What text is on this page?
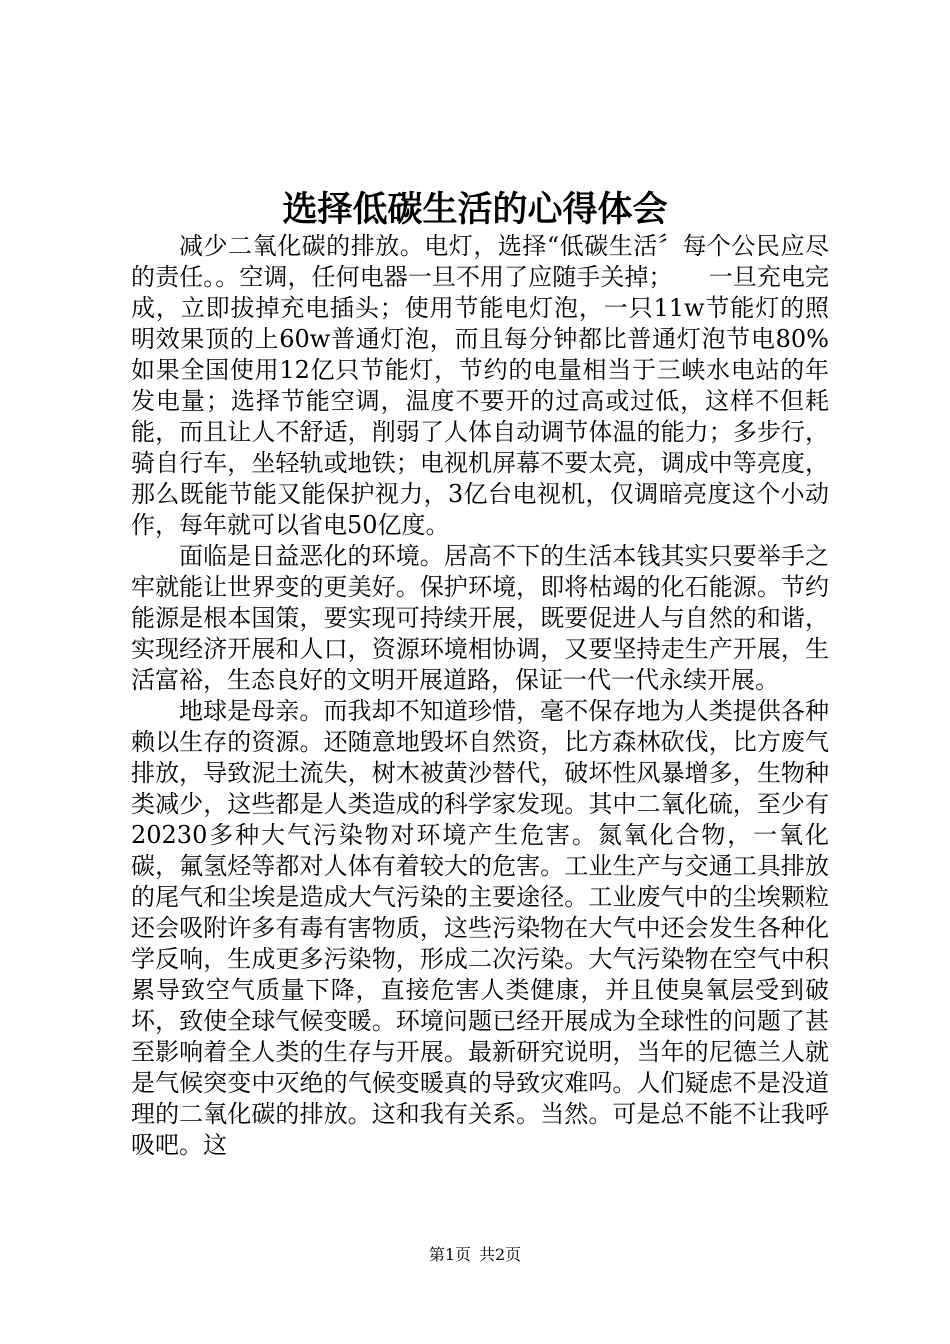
选择低碳生活的心得体会

减少二氧化碳的排放。电灯，选择“低碳生活〞每个公民应尽的责任。。空调，任何电器一旦不用了应随手关掉；　　一旦充电完成，立即拔掉充电插头；使用节能电灯泡，一只11w节能灯的照明效果顶的上60w普通灯泡，而且每分钟都比普通灯泡节电80%如果全国使用12亿只节能灯，节约的电量相当于三峡水电站的年发电量；选择节能空调，温度不要开的过高或过低，这样不但耗能，而且让人不舒适，削弱了人体自动调节体温的能力；多步行，骑自行车，坐轻轨或地铁；电视机屏幕不要太亮，调成中等亮度，那么既能节能又能保护视力，3亿台电视机，仅调暗亮度这个小动作，每年就可以省电50亿度。

面临是日益恶化的环境。居高不下的生活本钱其实只要举手之牢就能让世界变的更美好。保护环境，即将枯竭的化石能源。节约能源是根本国策，要实现可持续开展，既要促进人与自然的和谐，实现经济开展和人口，资源环境相协调，又要坚持走生产开展，生活富裕，生态良好的文明开展道路，保证一代一代永续开展。

地球是母亲。而我却不知道珍惜，毫不保存地为人类提供各种赖以生存的资源。还随意地毁坏自然资，比方森林砍伐，比方废气排放，导致泥土流失，树木被黄沙替代，破坏性风暴增多，生物种类减少，这些都是人类造成的科学家发现。其中二氧化硫，至少有20230多种大气污染物对环境产生危害。氮氧化合物，一氧化碳，氟氢烃等都对人体有着较大的危害。工业生产与交通工具排放的尾气和尘埃是造成大气污染的主要途径。工业废气中的尘埃颗粒还会吸附许多有毒有害物质，这些污染物在大气中还会发生各种化学反响，生成更多污染物，形成二次污染。大气污染物在空气中积累导致空气质量下降，直接危害人类健康，并且使臭氧层受到破坏，致使全球气候变暖。环境问题已经开展成为全球性的问题了甚至影响着全人类的生存与开展。最新研究说明，当年的尼德兰人就是气候突变中灭绝的气候变暖真的导致灾难吗。人们疑虑不是没道理的二氧化碳的排放。这和我有关系。当然。可是总不能不让我呼吸吧。这

第1页 共2页
